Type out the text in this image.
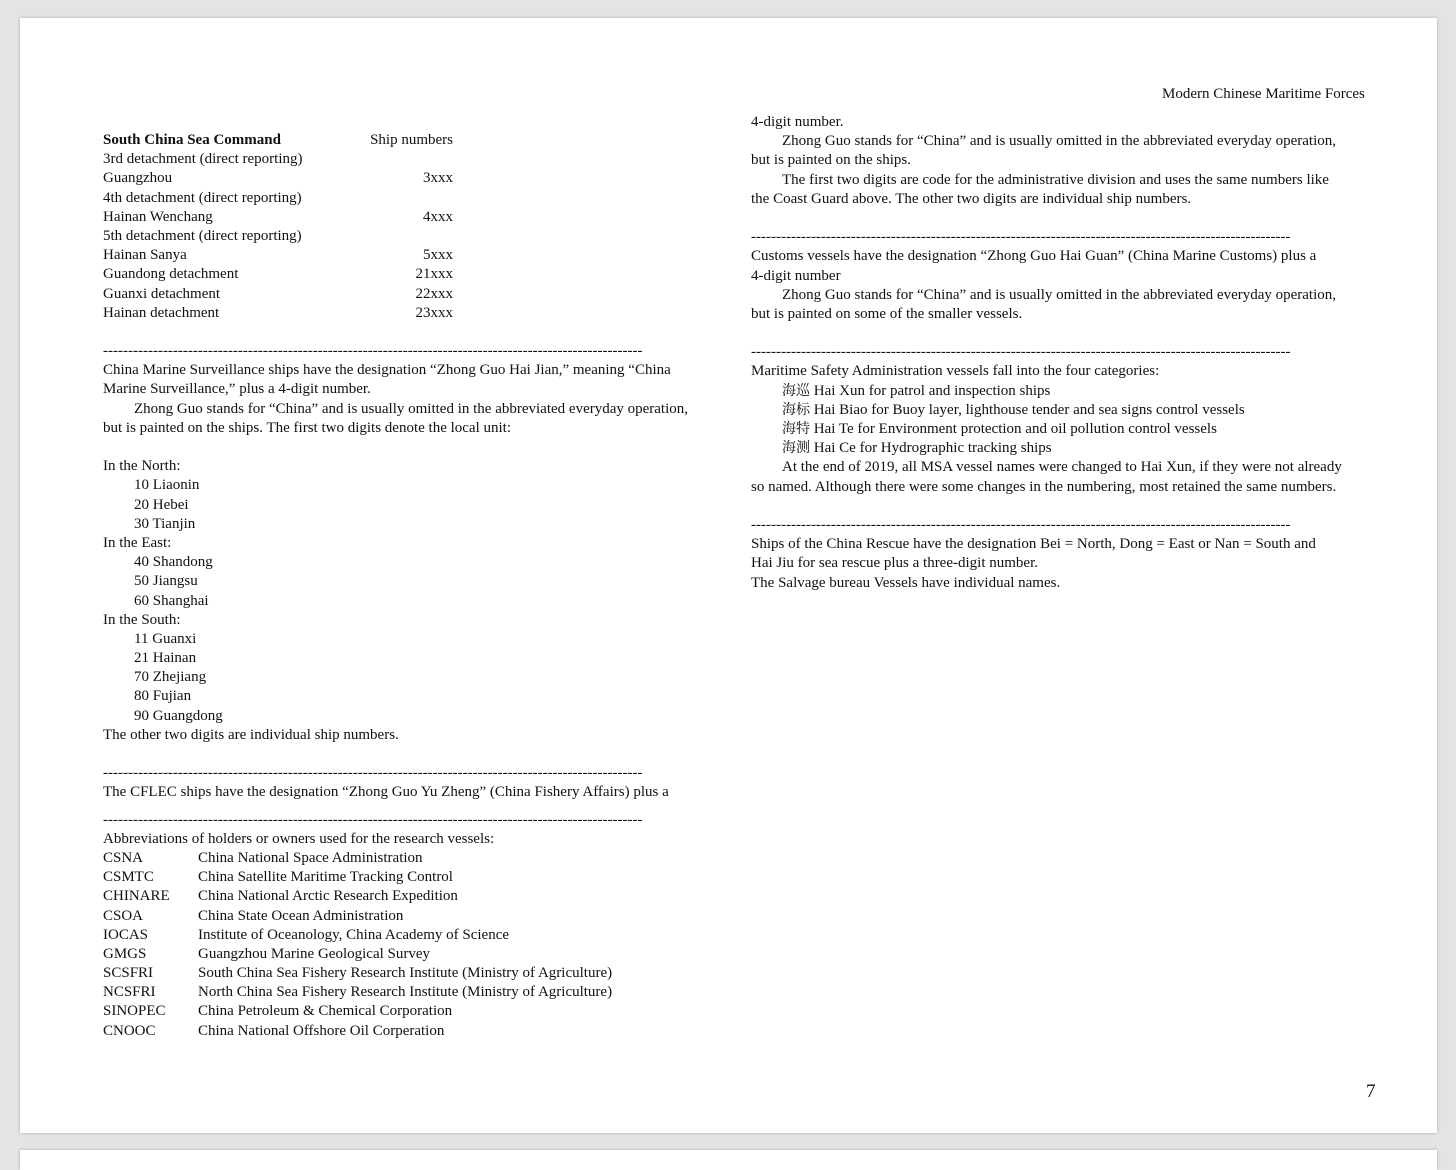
Modern Chinese Maritime Forces
South China Sea Command	Ship numbers
3rd detachment (direct reporting)
Guangzhou	3xxx
4th detachment (direct reporting)
Hainan Wenchang	4xxx
5th detachment (direct reporting)
Hainan Sanya	5xxx
Guandong detachment	21xxx
Guanxi detachment	22xxx
Hainan detachment	23xxx
------------------------------------------------------------------------------------------------------------
China Marine Surveillance ships have the designation “Zhong Guo Hai Jian,” meaning “China
Marine Surveillance,” plus a 4-digit number.
Zhong Guo stands for “China” and is usually omitted in the abbreviated everyday operation,
but is painted on the ships. The first two digits denote the local unit:
In the North:
10 Liaonin
20 Hebei
30 Tianjin
In the East:
40 Shandong
50 Jiangsu
60 Shanghai
In the South:
11 Guanxi
21 Hainan
70 Zhejiang
80 Fujian
90 Guangdong
The other two digits are individual ship numbers.
------------------------------------------------------------------------------------------------------------
The CFLEC ships have the designation “Zhong Guo Yu Zheng” (China Fishery Affairs) plus a
------------------------------------------------------------------------------------------------------------
Abbreviations of holders or owners used for the research vessels:
CSNA	China National Space Administration
CSMTC	China Satellite Maritime Tracking Control
CHINARE	China National Arctic Research Expedition
CSOA	China State Ocean Administration
IOCAS	Institute of Oceanology, China Academy of Science
GMGS	Guangzhou Marine Geological Survey
SCSFRI	South China Sea Fishery Research Institute (Ministry of Agriculture)
NCSFRI	North China Sea Fishery Research Institute (Ministry of Agriculture)
SINOPEC	China Petroleum & Chemical Corporation
CNOOC	China National Offshore Oil Corperation
4-digit number.
Zhong Guo stands for “China” and is usually omitted in the abbreviated everyday operation,
but is painted on the ships.
The first two digits are code for the administrative division and uses the same numbers like
the Coast Guard above. The other two digits are individual ship numbers.
------------------------------------------------------------------------------------------------------------
Customs vessels have the designation “Zhong Guo Hai Guan” (China Marine Customs) plus a
4-digit number
Zhong Guo stands for “China” and is usually omitted in the abbreviated everyday operation,
but is painted on some of the smaller vessels.
------------------------------------------------------------------------------------------------------------
Maritime Safety Administration vessels fall into the four categories:
海巡 Hai Xun for patrol and inspection ships
海标 Hai Biao for Buoy layer, lighthouse tender and sea signs control vessels
海特 Hai Te for Environment protection and oil pollution control vessels
海测 Hai Ce for Hydrographic tracking ships
At the end of 2019, all MSA vessel names were changed to Hai Xun, if they were not already
so named. Although there were some changes in the numbering, most retained the same numbers.
------------------------------------------------------------------------------------------------------------
Ships of the China Rescue have the designation Bei = North, Dong = East or Nan = South and
Hai Jiu for sea rescue plus a three-digit number.
The Salvage bureau Vessels have individual names.
7
